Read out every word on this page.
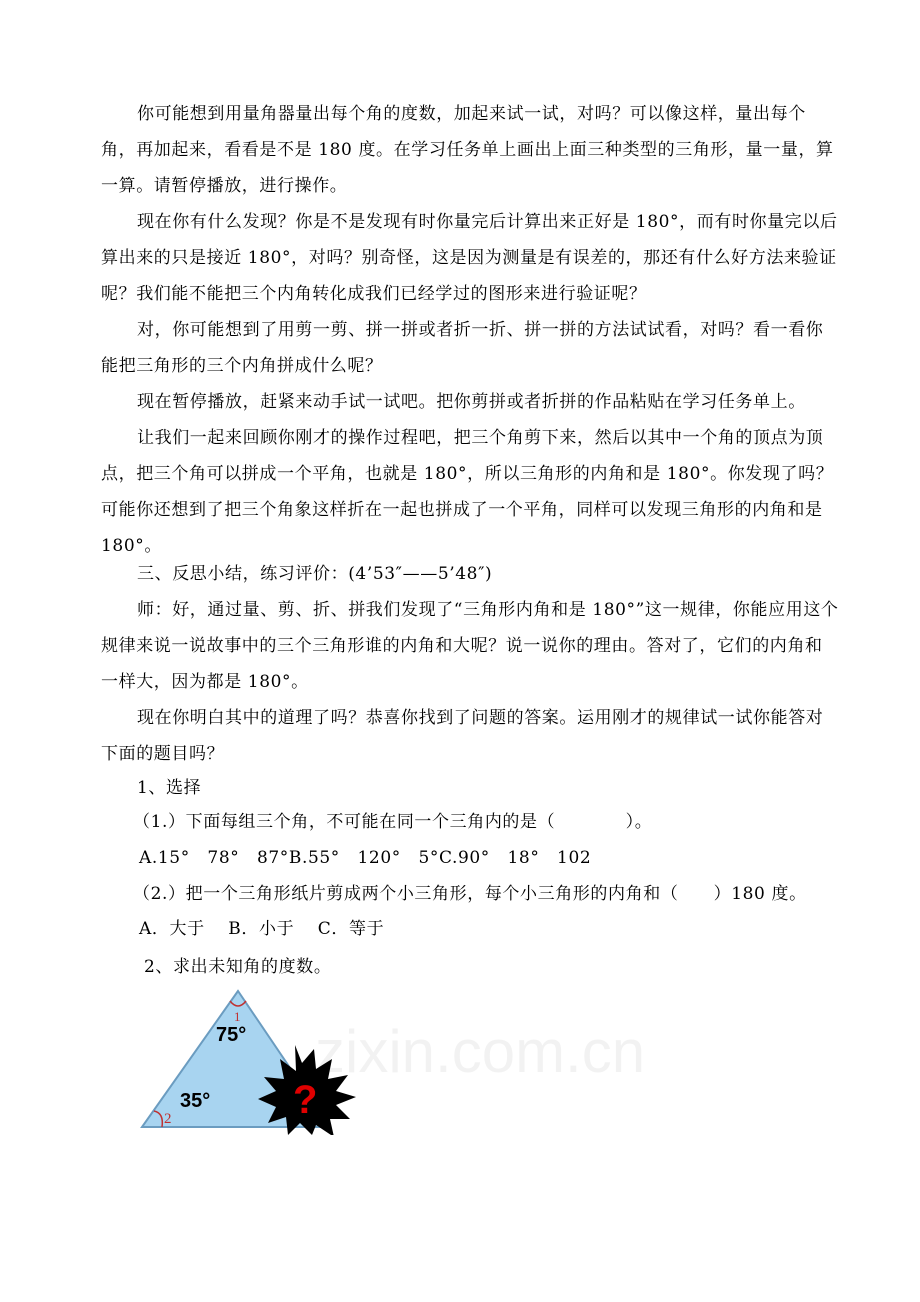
你可能想到用量角器量出每个角的度数，加起来试一试，对吗？可以像这样，量出每个角，再加起来，看看是不是 180 度。在学习任务单上画出上面三种类型的三角形，量一量，算一算。请暂停播放，进行操作。

现在你有什么发现？你是不是发现有时你量完后计算出来正好是 180°，而有时你量完以后算出来的只是接近 180°，对吗？别奇怪，这是因为测量是有误差的，那还有什么好方法来验证呢？我们能不能把三个内角转化成我们已经学过的图形来进行验证呢？

对，你可能想到了用剪一剪、拼一拼或者折一折、拼一拼的方法试试看，对吗？看一看你能把三角形的三个内角拼成什么呢？

现在暂停播放，赶紧来动手试一试吧。把你剪拼或者折拼的作品粘贴在学习任务单上。

让我们一起来回顾你刚才的操作过程吧，把三个角剪下来，然后以其中一个角的顶点为顶点，把三个角可以拼成一个平角，也就是 180°，所以三角形的内角和是 180°。你发现了吗？可能你还想到了把三个角象这样折在一起也拼成了一个平角，同样可以发现三角形的内角和是 180°。

三、反思小结，练习评价：(4’53″——5’48″)

师：好，通过量、剪、折、拼我们发现了“三角形内角和是 180°”这一规律，你能应用这个规律来说一说故事中的三个三角形谁的内角和大呢？说一说你的理由。答对了，它们的内角和一样大，因为都是 180°。

现在你明白其中的道理了吗？恭喜你找到了问题的答案。运用刚才的规律试一试你能答对下面的题目吗？

1、选择

（1.）下面每组三个角，不可能在同一个三角内的是（　　　　）。

A.15°　78°　87°B.55°　120°　5°C.90°　18°　102

（2.）把一个三角形纸片剪成两个小三角形，每个小三角形的内角和（　　）180 度。

A．大于　 B．小于　 C．等于

2、求出未知角的度数。

1
2
75°
35° ?
zixin.com.cn
